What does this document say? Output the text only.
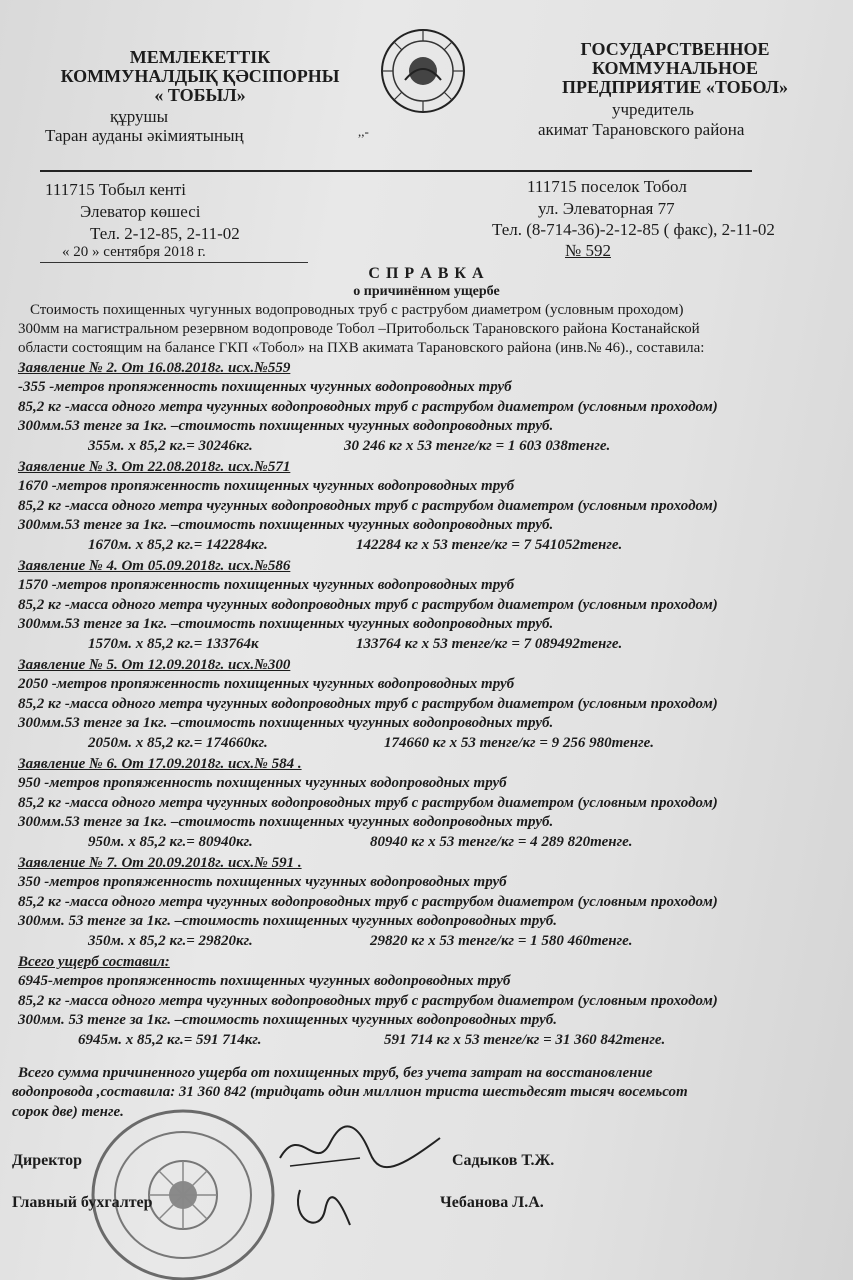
МЕМЛЕКЕТТІК
КОММУНАЛДЫҚ ҚӘСІПОРНЫ
« ТОБЫЛ»
құрушы
Таран ауданы әкімиятының	,,-
ГОСУДАРСТВЕННОЕ
КОММУНАЛЬНОЕ
ПРЕДПРИЯТИЕ «ТОБОЛ»
учредитель
акимат Тарановского района
111715 Тобыл кенті
Элеватор көшесі
Тел. 2-12-85, 2-11-02
« 20 » сентября 2018 г.
111715 поселок Тобол
ул. Элеваторная 77
Тел. (8-714-36)-2-12-85 ( факс), 2-11-02
№ 592
С П Р А В К А
о причинённом ущербе
Стоимость похищенных чугунных водопроводных труб с раструбом диаметром (условным проходом)
300мм на магистральном резервном водопроводе Тобол –Притобольск Тарановского района Костанайской
области состоящим на балансе ГКП «Тобол» на ПХВ акимата Тарановского района (инв.№ 46)., составила:
Заявление № 2. От 16.08.2018г. исх.№559
-355 -метров пропяженность похищенных чугунных водопроводных труб
85,2 кг -масса одного метра чугунных водопроводных труб с раструбом диаметром (условным проходом)
300мм.53 тенге за 1кг. –стоимость похищенных чугунных водопроводных труб.
355м. х 85,2 кг.= 30246кг.	30 246 кг х 53 тенге/кг = 1 603 038тенге.
Заявление № 3. От 22.08.2018г. исх.№571
1670 -метров пропяженность похищенных чугунных водопроводных труб
85,2 кг -масса одного метра чугунных водопроводных труб с раструбом диаметром (условным проходом)
300мм.53 тенге за 1кг. –стоимость похищенных чугунных водопроводных труб.
1670м. х 85,2 кг.= 142284кг.	142284 кг х 53 тенге/кг = 7 541052тенге.
Заявление № 4. От 05.09.2018г. исх.№586
1570 -метров пропяженность похищенных чугунных водопроводных труб
85,2 кг -масса одного метра чугунных водопроводных труб с раструбом диаметром (условным проходом)
300мм.53 тенге за 1кг. –стоимость похищенных чугунных водопроводных труб.
1570м. х 85,2 кг.= 133764к	133764 кг х 53 тенге/кг = 7 089492тенге.
Заявление № 5. От 12.09.2018г. исх.№300
2050 -метров пропяженность похищенных чугунных водопроводных труб
85,2 кг -масса одного метра чугунных водопроводных труб с раструбом диаметром (условным проходом)
300мм.53 тенге за 1кг. –стоимость похищенных чугунных водопроводных труб.
2050м. х 85,2 кг.= 174660кг.	174660 кг х 53 тенге/кг = 9 256 980тенге.
Заявление № 6. От 17.09.2018г. исх.№ 584 .
950 -метров пропяженность похищенных чугунных водопроводных труб
85,2 кг -масса одного метра чугунных водопроводных труб с раструбом диаметром (условным проходом)
300мм.53 тенге за 1кг. –стоимость похищенных чугунных водопроводных труб.
950м. х 85,2 кг.= 80940кг.	80940 кг х 53 тенге/кг = 4 289 820тенге.
Заявление № 7. От 20.09.2018г. исх.№ 591 .
350 -метров пропяженность похищенных чугунных водопроводных труб
85,2 кг -масса одного метра чугунных водопроводных труб с раструбом диаметром (условным проходом)
300мм. 53 тенге за 1кг. –стоимость похищенных чугунных водопроводных труб.
350м. х 85,2 кг.= 29820кг.	29820 кг х 53 тенге/кг = 1 580 460тенге.
Всего ущерб составил:
6945-метров пропяженность похищенных чугунных водопроводных труб
85,2 кг -масса одного метра чугунных водопроводных труб с раструбом диаметром (условным проходом)
300мм. 53 тенге за 1кг. –стоимость похищенных чугунных водопроводных труб.
6945м. х 85,2 кг.= 591 714кг.	591 714 кг х 53 тенге/кг = 31 360 842тенге.
Всего сумма причиненного ущерба от похищенных труб, без учета затрат на восстановление
водопровода ,составила: 31 360 842 (тридцать один миллион триста шестьдесят тысяч восемьсот
сорок две) тенге.
Директор	Садыков Т.Ж.
Главный бухгалтер	Чебанова Л.А.
